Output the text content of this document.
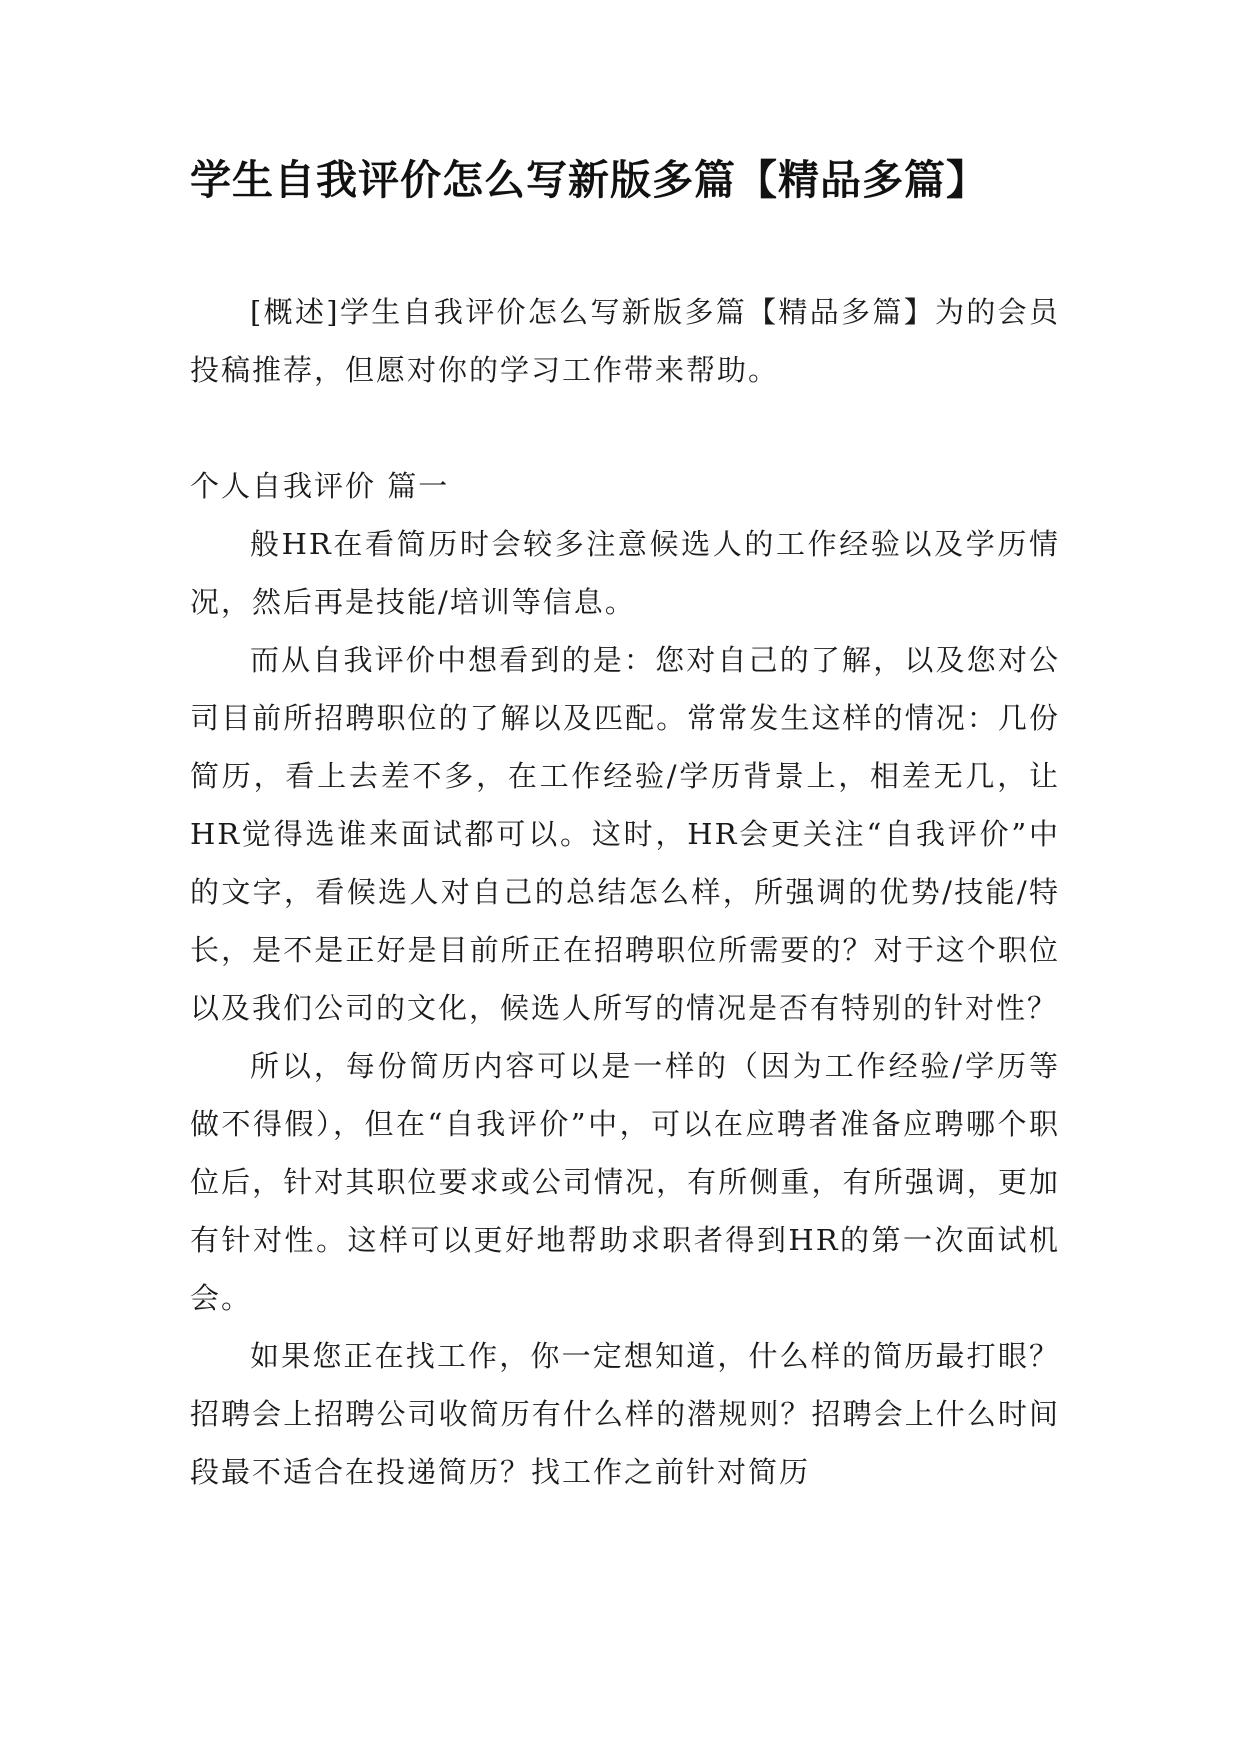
学生自我评价怎么写新版多篇【精品多篇】

[概述]学生自我评价怎么写新版多篇【精品多篇】为的会员投稿推荐，但愿对你的学习工作带来帮助。

个人自我评价 篇一

般HR在看简历时会较多注意候选人的工作经验以及学历情况，然后再是技能/培训等信息。

而从自我评价中想看到的是：您对自己的了解，以及您对公司目前所招聘职位的了解以及匹配。常常发生这样的情况：几份简历，看上去差不多，在工作经验/学历背景上，相差无几，让HR觉得选谁来面试都可以。这时，HR会更关注“自我评价”中的文字，看候选人对自己的总结怎么样，所强调的优势/技能/特长，是不是正好是目前所正在招聘职位所需要的？对于这个职位以及我们公司的文化，候选人所写的情况是否有特别的针对性？

所以，每份简历内容可以是一样的（因为工作经验/学历等做不得假），但在“自我评价”中，可以在应聘者准备应聘哪个职位后，针对其职位要求或公司情况，有所侧重，有所强调，更加有针对性。这样可以更好地帮助求职者得到HR的第一次面试机会。

如果您正在找工作，你一定想知道，什么样的简历最打眼？招聘会上招聘公司收简历有什么样的潜规则？招聘会上什么时间段最不适合在投递简历？找工作之前针对简历
